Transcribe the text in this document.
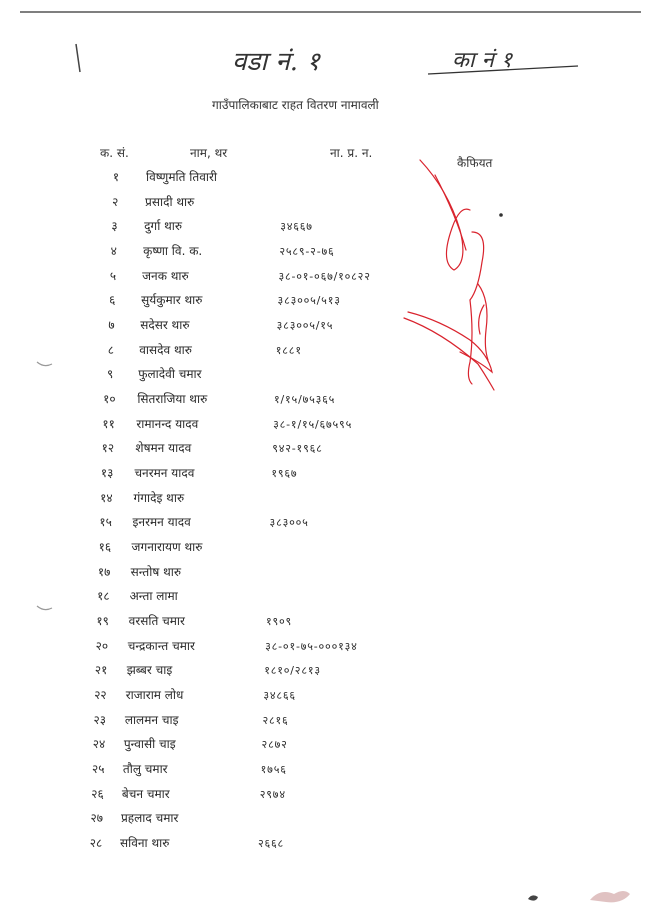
वडा नं. १	का नं १
गाउँपालिकाबाट राहत वितरण नामावली
क. सं.	नाम, थर	ना. प्र. न.
कैफियत
१	विष्णुमति तिवारी
२	प्रसादी थारु
३	दुर्गा थारु	३४६६७
४	कृष्णा वि. क.	२५८९-२-७६
५	जनक थारु	३८-०१-०६७/१०८२२
६	सुर्यकुमार थारु	३८३००५/५१३
७	सदेसर थारु	३८३००५/१५
८	वासदेव थारु	१८८१
९	फुलादेवी चमार
१०	सितराजिया थारु	१/१५/७५३६५
११	रामानन्द यादव	३८-१/१५/६७५९५
१२	शेषमन यादव	९४२-१९६८
१३	चनरमन यादव	१९६७
१४	गंगादेइ थारु
१५	इनरमन यादव	३८३००५
१६	जगनारायण थारु
१७	सन्तोष थारु
१८	अन्ता लामा
१९	वरसति चमार	१९०९
२०	चन्द्रकान्त चमार	३८-०१-७५-०००१३४
२१	झब्बर चाइ	१८१०/२८१३
२२	राजाराम लोध	३४८६६
२३	लालमन चाइ	२८१६
२४	पुन्वासी चाइ	२८७२
२५	तौलु चमार	१७५६
२६	बेचन चमार	२९७४
२७	प्रहलाद चमार
२८	सविना थारु	२६६८
